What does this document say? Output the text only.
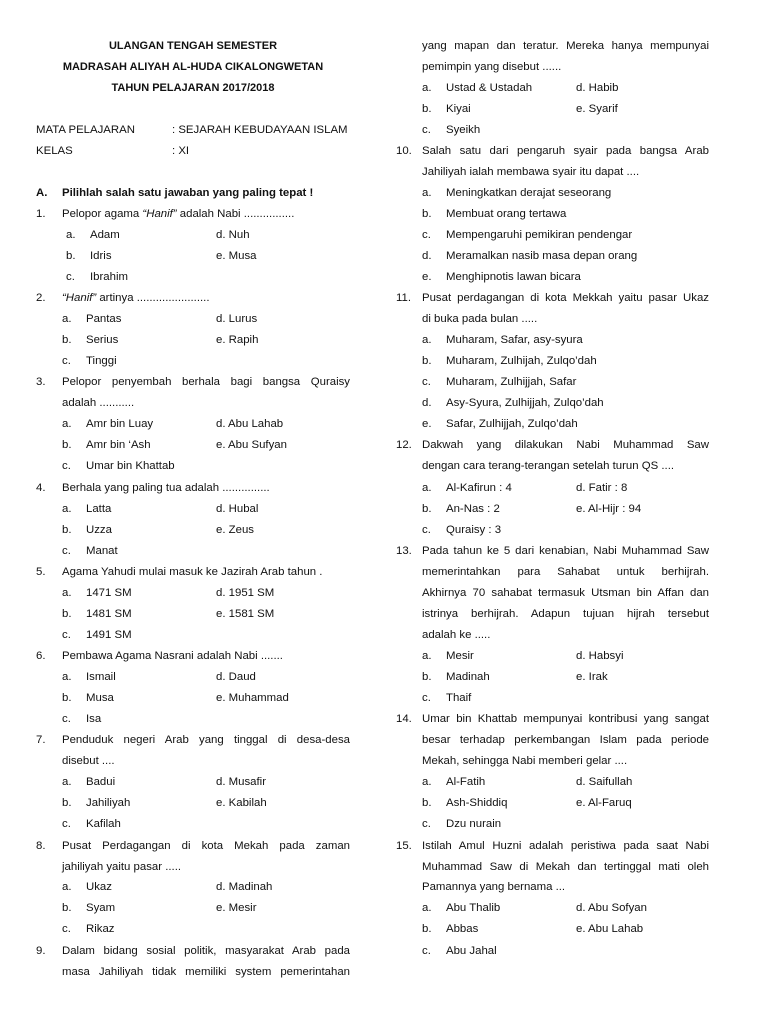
ULANGAN TENGAH SEMESTER
MADRASAH ALIYAH AL-HUDA CIKALONGWETAN
TAHUN PELAJARAN 2017/2018
MATA PELAJARAN	: SEJARAH KEBUDAYAAN ISLAM
KELAS	: XI
A.	Pilihlah salah satu jawaban yang paling tepat !
1.	Pelopor agama “Hanif” adalah Nabi ................
a. Adam	d. Nuh
b. Idris	e. Musa
c. Ibrahim
2.	“Hanif” artinya .......................
a. Pantas	d. Lurus
b. Serius	e. Rapih
c. Tinggi
3.	Pelopor penyembah berhala bagi bangsa Quraisy
adalah ...........
a. Amr bin Luay	d. Abu Lahab
b. Amr bin ‘Ash	e. Abu Sufyan
c. Umar bin Khattab
4.	Berhala yang paling tua adalah ...............
a. Latta	d. Hubal
b. Uzza	e. Zeus
c. Manat
5.	Agama Yahudi mulai masuk ke Jazirah Arab tahun .
a. 1471 SM	d. 1951 SM
b. 1481 SM	e. 1581 SM
c. 1491 SM
6.	Pembawa Agama Nasrani adalah Nabi .......
a. Ismail	d. Daud
b. Musa	e. Muhammad
c. Isa
7.	Penduduk negeri Arab yang tinggal di desa-desa
disebut ....
a. Badui	d. Musafir
b. Jahiliyah	e. Kabilah
c. Kafilah
8.	Pusat Perdagangan di kota Mekah pada zaman
jahiliyah yaitu pasar .....
a. Ukaz	d. Madinah
b. Syam	e. Mesir
c. Rikaz
9.	Dalam bidang sosial politik, masyarakat Arab pada
masa Jahiliyah tidak memiliki system pemerintahan
yang mapan dan teratur. Mereka hanya mempunyai
pemimpin yang disebut ......
a. Ustad & Ustadah	d. Habib
b. Kiyai	e. Syarif
c. Syeikh
10. Salah satu dari pengaruh syair pada bangsa Arab
Jahiliyah ialah membawa syair itu dapat ....
a. Meningkatkan derajat seseorang
b. Membuat orang tertawa
c. Mempengaruhi pemikiran pendengar
d. Meramalkan nasib masa depan orang
e. Menghipnotis lawan bicara
11. Pusat perdagangan di kota Mekkah yaitu pasar Ukaz
di buka pada bulan .....
a. Muharam, Safar, asy-syura
b. Muharam, Zulhijah, Zulqo’dah
c. Muharam, Zulhijjah, Safar
d. Asy-Syura, Zulhijjah, Zulqo’dah
e. Safar, Zulhijjah, Zulqo’dah
12. Dakwah yang dilakukan Nabi Muhammad Saw
dengan cara terang-terangan setelah turun QS ....
a. Al-Kafirun : 4	d. Fatir : 8
b. An-Nas : 2	e. Al-Hijr : 94
c. Quraisy : 3
13. Pada tahun ke 5 dari kenabian, Nabi Muhammad Saw
memerintahkan para Sahabat untuk berhijrah.
Akhirnya 70 sahabat termasuk Utsman bin Affan dan
istrinya berhijrah. Adapun tujuan hijrah tersebut
adalah ke .....
a. Mesir	d. Habsyi
b. Madinah	e. Irak
c. Thaif
14. Umar bin Khattab mempunyai kontribusi yang sangat
besar terhadap perkembangan Islam pada periode
Mekah, sehingga Nabi memberi gelar ....
a. Al-Fatih	d. Saifullah
b. Ash-Shiddiq	e. Al-Faruq
c. Dzu nurain
15. Istilah Amul Huzni adalah peristiwa pada saat Nabi
Muhammad Saw di Mekah dan tertinggal mati oleh
Pamannya yang bernama ...
a. Abu Thalib	d. Abu Sofyan
b. Abbas	e. Abu Lahab
c. Abu Jahal
